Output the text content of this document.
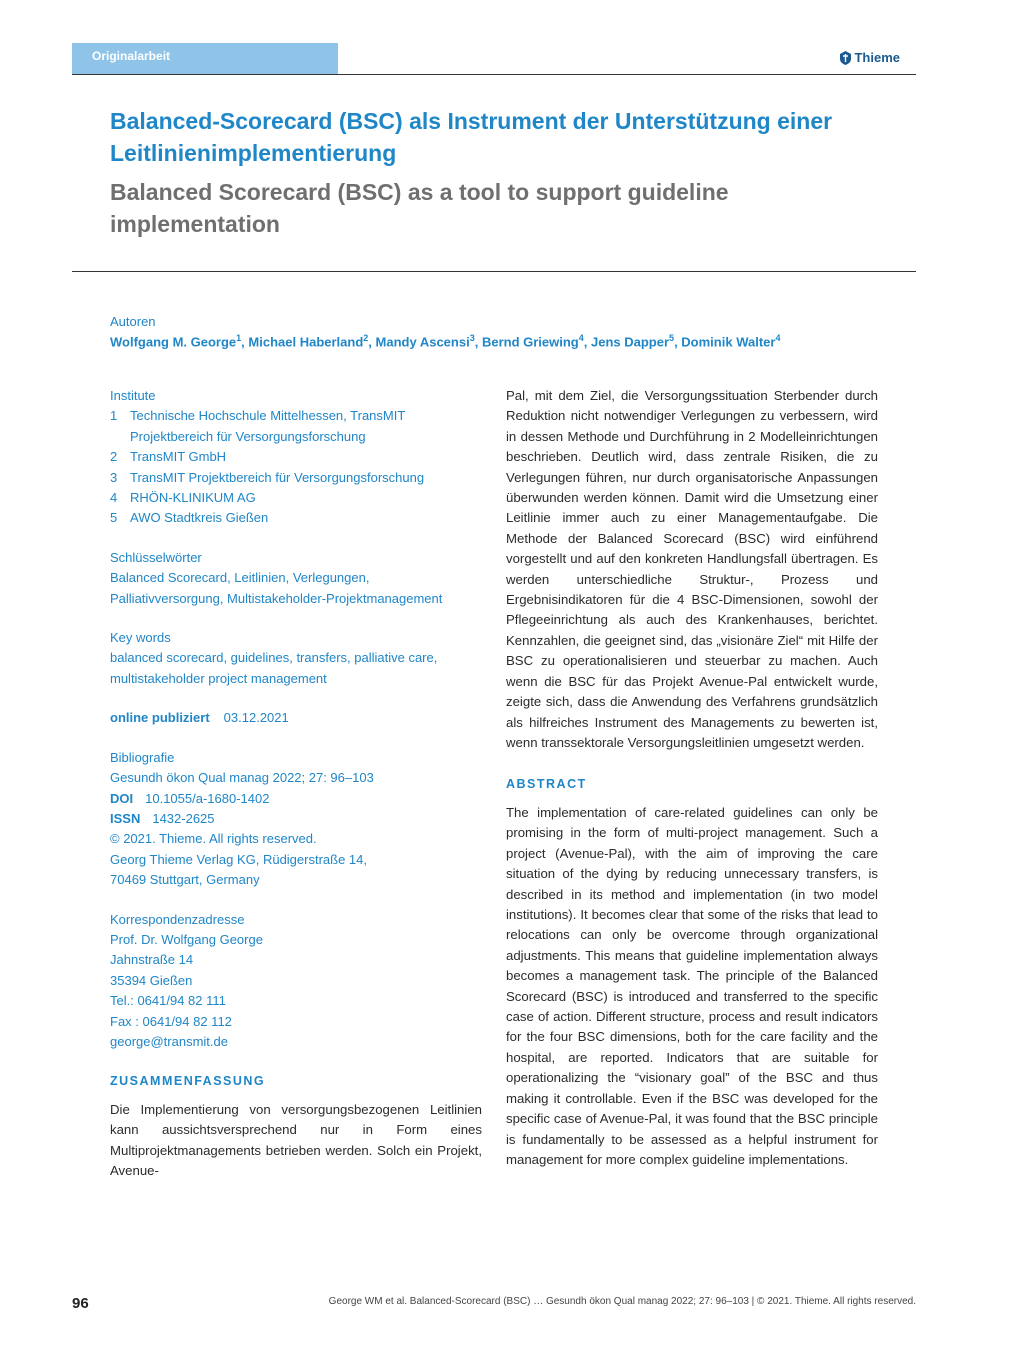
Originalarbeit	Thieme
Balanced-Scorecard (BSC) als Instrument der Unterstützung einer Leitlinienimplementierung
Balanced Scorecard (BSC) as a tool to support guideline implementation
Autoren
Wolfgang M. George$^1$, Michael Haberland$^2$, Mandy Ascensi$^3$, Bernd Griewing$^4$, Jens Dapper$^5$, Dominik Walter$^4$
Institute
1 Technische Hochschule Mittelhessen, TransMIT Projektbereich für Versorgungsforschung
2 TransMIT GmbH
3 TransMIT Projektbereich für Versorgungsforschung
4 RHÖN-KLINIKUM AG
5 AWO Stadtkreis Gießen
Schlüsselwörter
Balanced Scorecard, Leitlinien, Verlegungen, Palliativversorgung, Multistakeholder-Projektmanagement
Key words
balanced scorecard, guidelines, transfers, palliative care, multistakeholder project management
online publiziert 03.12.2021
Bibliografie
Gesundh ökon Qual manag 2022; 27: 96–103
DOI 10.1055/a-1680-1402
ISSN 1432-2625
© 2021. Thieme. All rights reserved.
Georg Thieme Verlag KG, Rüdigerstraße 14,
70469 Stuttgart, Germany
Korrespondenzadresse
Prof. Dr. Wolfgang George
Jahnstraße 14
35394 Gießen
Tel.: 0641/94 82 111
Fax : 0641/94 82 112
george@transmit.de
ZUSAMMENFASSUNG
Die Implementierung von versorgungsbezogenen Leitlinien kann aussichtsversprechend nur in Form eines Multiprojektmanagements betrieben werden. Solch ein Projekt, Avenue-
Pal, mit dem Ziel, die Versorgungssituation Sterbender durch Reduktion nicht notwendiger Verlegungen zu verbessern, wird in dessen Methode und Durchführung in 2 Modelleinrichtungen beschrieben. Deutlich wird, dass zentrale Risiken, die zu Verlegungen führen, nur durch organisatorische Anpassungen überwunden werden können. Damit wird die Umsetzung einer Leitlinie immer auch zu einer Managementaufgabe. Die Methode der Balanced Scorecard (BSC) wird einführend vorgestellt und auf den konkreten Handlungsfall übertragen. Es werden unterschiedliche Struktur-, Prozess und Ergebnisindikatoren für die 4 BSC-Dimensionen, sowohl der Pflegeeinrichtung als auch des Krankenhauses, berichtet. Kennzahlen, die geeignet sind, das „visionäre Ziel“ mit Hilfe der BSC zu operationalisieren und steuerbar zu machen. Auch wenn die BSC für das Projekt Avenue-Pal entwickelt wurde, zeigte sich, dass die Anwendung des Verfahrens grundsätzlich als hilfreiches Instrument des Managements zu bewerten ist, wenn transsektorale Versorgungsleitlinien umgesetzt werden.
ABSTRACT
The implementation of care-related guidelines can only be promising in the form of multi-project management. Such a project (Avenue-Pal), with the aim of improving the care situation of the dying by reducing unnecessary transfers, is described in its method and implementation (in two model institutions). It becomes clear that some of the risks that lead to relocations can only be overcome through organizational adjustments. This means that guideline implementation always becomes a management task. The principle of the Balanced Scorecard (BSC) is introduced and transferred to the specific case of action. Different structure, process and result indicators for the four BSC dimensions, both for the care facility and the hospital, are reported. Indicators that are suitable for operationalizing the “visionary goal” of the BSC and thus making it controllable. Even if the BSC was developed for the specific case of Avenue-Pal, it was found that the BSC principle is fundamentally to be assessed as a helpful instrument for management for more complex guideline implementations.
96	George WM et al. Balanced-Scorecard (BSC) … Gesundh ökon Qual manag 2022; 27: 96–103 | © 2021. Thieme. All rights reserved.
